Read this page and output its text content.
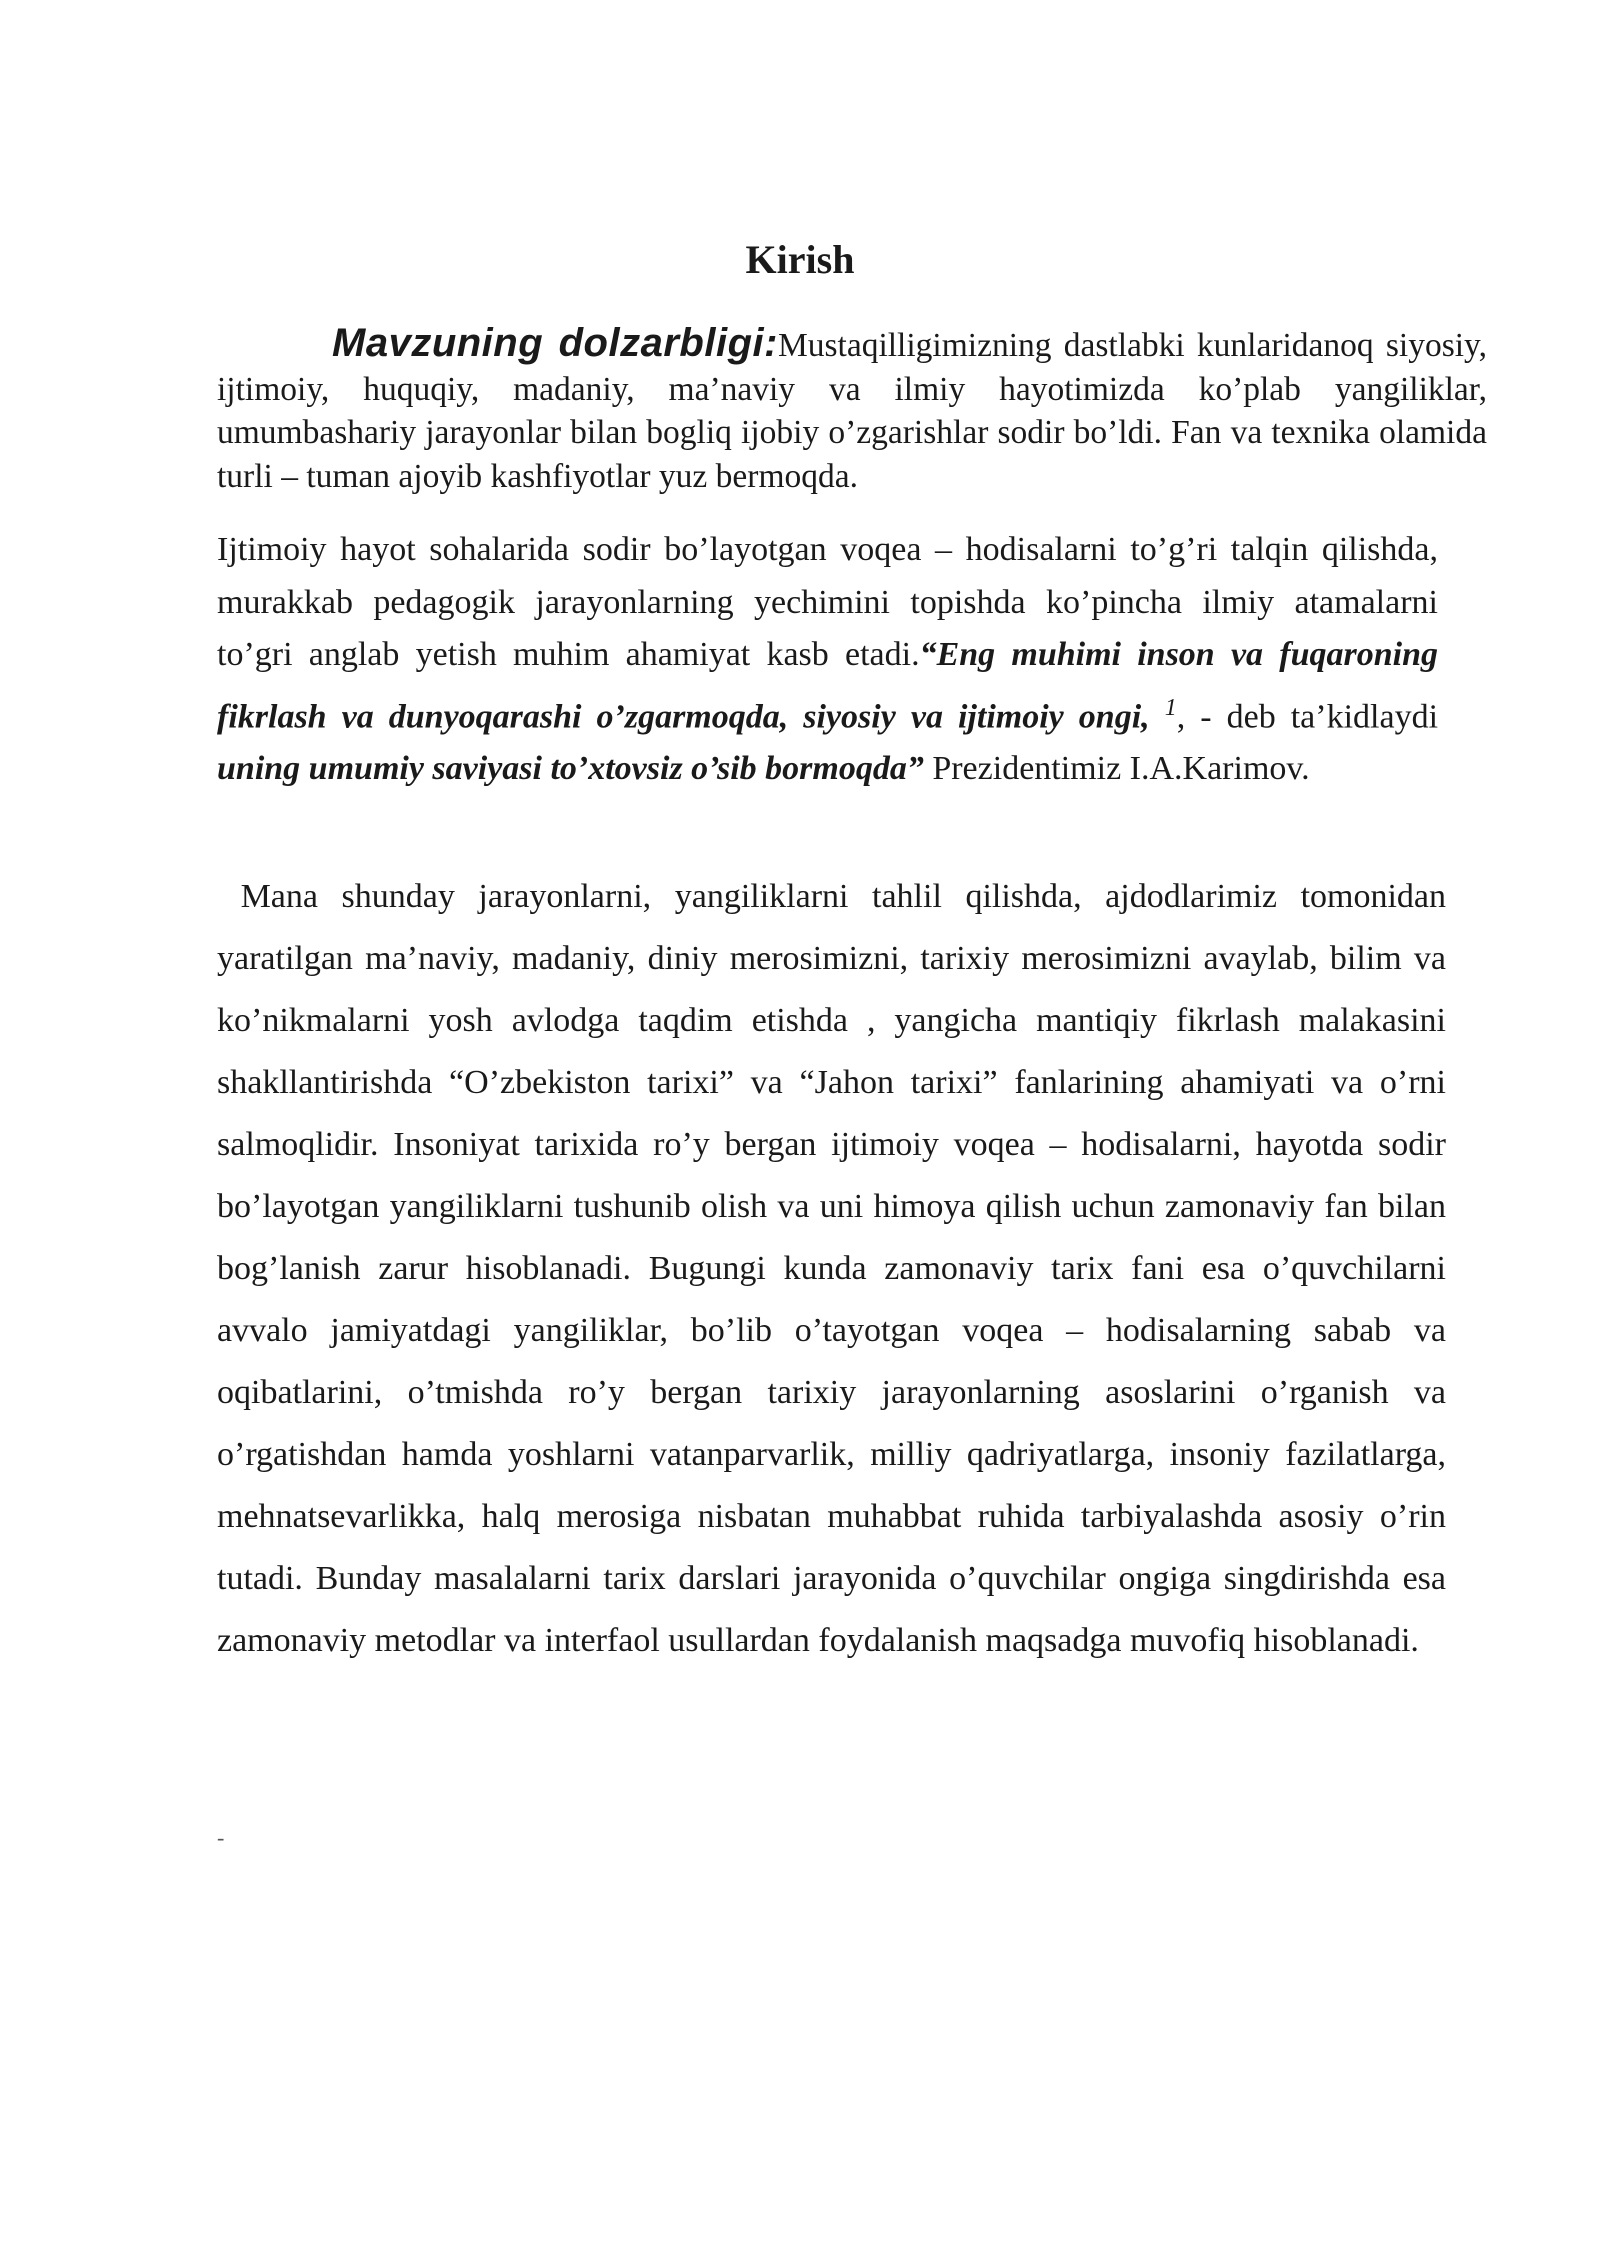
Kirish

Mavzuning dolzarbligi:Mustaqilligimizning dastlabki kunlaridanoq siyosiy, ijtimoiy, huquqiy, madaniy, ma’naviy va ilmiy hayotimizda ko’plab yangiliklar, umumbashariy jarayonlar bilan bogliq ijobiy o’zgarishlar sodir bo’ldi. Fan va texnika olamida turli – tuman ajoyib kashfiyotlar yuz bermoqda.

Ijtimoiy hayot sohalarida sodir bo’layotgan voqea – hodisalarni to’g’ri talqin qilishda, murakkab pedagogik jarayonlarning yechimini topishda ko’pincha ilmiy atamalarni to’gri anglab yetish muhim ahamiyat kasb etadi.“Eng muhimi inson va fuqaroning fikrlash va dunyoqarashi o’zgarmoqda, siyosiy va ijtimoiy ongi, $^1$, - deb ta’kidlaydi uning umumiy saviyasi to’xtovsiz o’sib bormoqda” Prezidentimiz I.A.Karimov.

Mana shunday jarayonlarni, yangiliklarni tahlil qilishda, ajdodlarimiz tomonidan yaratilgan ma’naviy, madaniy, diniy merosimizni, tarixiy merosimizni avaylab, bilim va ko’nikmalarni yosh avlodga taqdim etishda , yangicha mantiqiy fikrlash malakasini shakllantirishda “O’zbekiston tarixi” va “Jahon tarixi” fanlarining ahamiyati va o’rni salmoqlidir. Insoniyat tarixida ro’y bergan ijtimoiy voqea – hodisalarni, hayotda sodir bo’layotgan yangiliklarni tushunib olish va uni himoya qilish uchun zamonaviy fan bilan bog’lanish zarur hisoblanadi. Bugungi kunda zamonaviy tarix fani esa o’quvchilarni avvalo jamiyatdagi yangiliklar, bo’lib o’tayotgan voqea – hodisalarning sabab va oqibatlarini, o’tmishda ro’y bergan tarixiy jarayonlarning asoslarini o’rganish va o’rgatishdan hamda yoshlarni vatanparvarlik, milliy qadriyatlarga, insoniy fazilatlarga, mehnatsevarlikka, halq merosiga nisbatan muhabbat ruhida tarbiyalashda asosiy o’rin tutadi. Bunday masalalarni tarix darslari jarayonida o’quvchilar ongiga singdirishda esa zamonaviy metodlar va interfaol usullardan foydalanish maqsadga muvofiq hisoblanadi.

-
